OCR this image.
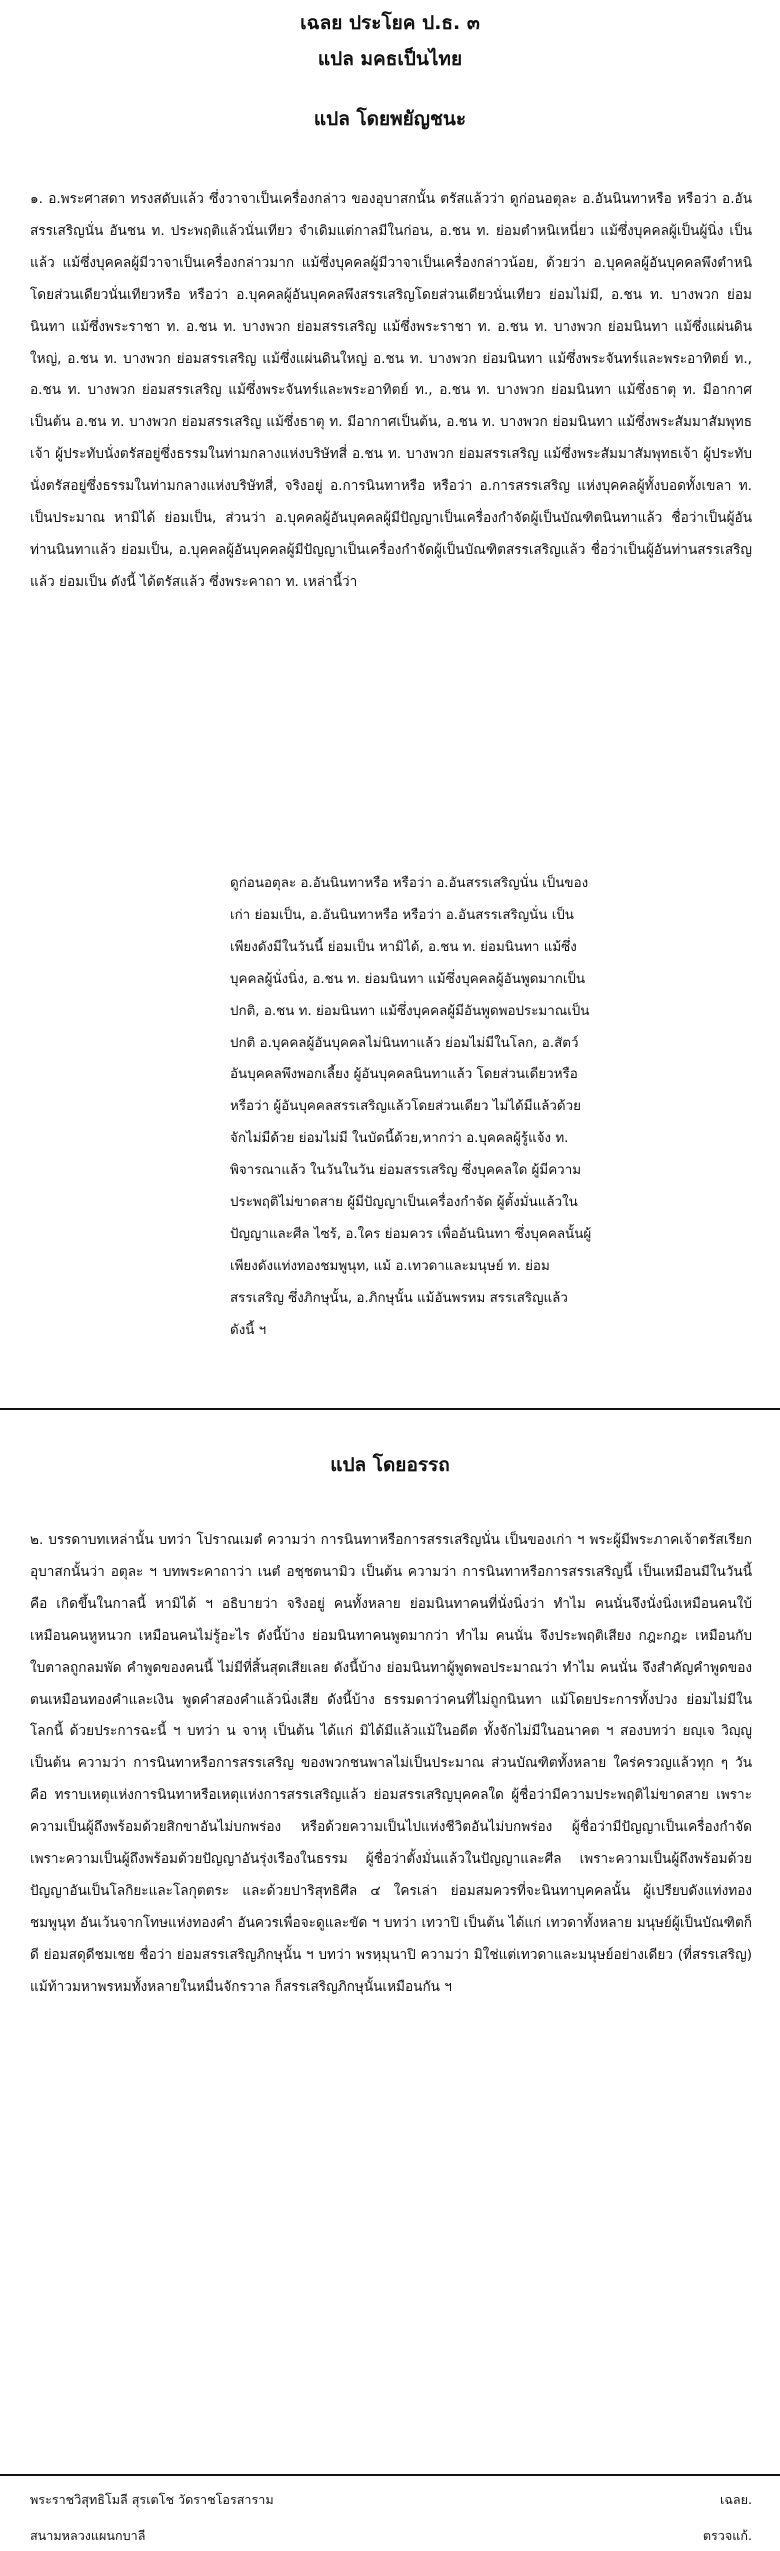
เฉลย ประโยค ป.ธ. ๓
แปล มคธเป็นไทย
แปล โดยพยัญชนะ

๑. อ.พระศาสดา ทรงสดับแล้ว ซึ่งวาจาเป็นเครื่องกล่าว ของอุบาสกนั้น ตรัสแล้วว่า ดูก่อนอตุละ อ.อันนินทาหรือ หรือว่า อ.อันสรรเสริญนั่น อันชน ท. ประพฤติแล้วนั่นเทียว จำเดิมแต่กาลมีในก่อน, อ.ชน ท. ย่อมตำหนิเหนี่ยว แม้ซึ่งบุคคลผู้เป็นผู้นิ่ง เป็นแล้ว แม้ซึ่งบุคคลผู้มีวาจาเป็นเครื่องกล่าวมาก แม้ซึ่งบุคคลผู้มีวาจาเป็นเครื่องกล่าวน้อย, ด้วยว่า อ.บุคคลผู้อันบุคคลพึงตำหนิโดยส่วนเดียวนั่นเทียวหรือ หรือว่า อ.บุคคลผู้อันบุคคลพึงสรรเสริญโดยส่วนเดียวนั่นเทียว ย่อมไม่มี, อ.ชน ท. บางพวก ย่อมนินทา แม้ซึ่งพระราชา ท. อ.ชน ท. บางพวก ย่อมสรรเสริญ แม้ซึ่งพระราชา ท. อ.ชน ท. บางพวก ย่อมนินทา แม้ซึ่งแผ่นดินใหญ่, อ.ชน ท. บางพวก ย่อมสรรเสริญ แม้ซึ่งแผ่นดินใหญ่ อ.ชน ท. บางพวก ย่อมนินทา แม้ซึ่งพระจันทร์และพระอาทิตย์ ท., อ.ชน ท. บางพวก ย่อมสรรเสริญ แม้ซึ่งพระจันทร์และพระอาทิตย์ ท., อ.ชน ท. บางพวก ย่อมนินทา แม้ซึ่งธาตุ ท. มีอากาศเป็นต้น อ.ชน ท. บางพวก ย่อมสรรเสริญ แม้ซึ่งธาตุ ท. มีอากาศเป็นต้น, อ.ชน ท. บางพวก ย่อมนินทา แม้ซึ่งพระสัมมาสัมพุทธเจ้า ผู้ประทับนั่งตรัสอยู่ซึ่งธรรมในท่ามกลางแห่งบริษัทสี่ อ.ชน ท. บางพวก ย่อมสรรเสริญ แม้ซึ่งพระสัมมาสัมพุทธเจ้า ผู้ประทับนั่งตรัสอยู่ซึ่งธรรมในท่ามกลางแห่งบริษัทสี่, จริงอยู่ อ.การนินทาหรือ หรือว่า อ.การสรรเสริญ แห่งบุคคลผู้ทั้งบอดทั้งเขลา ท. เป็นประมาณ หามิได้ ย่อมเป็น, ส่วนว่า อ.บุคคลผู้อันบุคคลผู้มีปัญญาเป็นเครื่องกำจัดผู้เป็นบัณฑิตนินทาแล้ว ชื่อว่าเป็นผู้อันท่านนินทาแล้ว ย่อมเป็น, อ.บุคคลผู้อันบุคคลผู้มีปัญญาเป็นเครื่องกำจัดผู้เป็นบัณฑิตสรรเสริญแล้ว ชื่อว่าเป็นผู้อันท่านสรรเสริญแล้ว ย่อมเป็น ดังนี้ ได้ตรัสแล้ว ซึ่งพระคาถา ท. เหล่านี้ว่า

ดูก่อนอตุละ อ.อันนินทาหรือ หรือว่า อ.อันสรรเสริญนั่น เป็นของเก่า ย่อมเป็น, อ.อันนินทาหรือ หรือว่า อ.อันสรรเสริญนั่น เป็นเพียงดังมีในวันนี้ ย่อมเป็น หามิได้, อ.ชน ท. ย่อมนินทา แม้ซึ่งบุคคลผู้นั่งนิ่ง, อ.ชน ท. ย่อมนินทา แม้ซึ่งบุคคลผู้อันพูดมากเป็นปกติ, อ.ชน ท. ย่อมนินทา แม้ซึ่งบุคคลผู้มีอันพูดพอประมาณเป็นปกติ อ.บุคคลผู้อันบุคคลไม่นินทาแล้ว ย่อมไม่มีในโลก, อ.สัตว์อันบุคคลพึงพอกเลี้ยง ผู้อันบุคคลนินทาแล้ว โดยส่วนเดียวหรือ หรือว่า ผู้อันบุคคลสรรเสริญแล้วโดยส่วนเดียว ไม่ได้มีแล้วด้วย จักไม่มีด้วย ย่อมไม่มี ในบัดนี้ด้วย,หากว่า อ.บุคคลผู้รู้แจ้ง ท. พิจารณาแล้ว ในวันในวัน ย่อมสรรเสริญ ซึ่งบุคคลใด ผู้มีความประพฤติไม่ขาดสาย ผู้มีปัญญาเป็นเครื่องกำจัด ผู้ตั้งมั่นแล้วในปัญญาและศีล ไซร้, อ.ใคร ย่อมควร เพื่ออันนินทา ซึ่งบุคคลนั้นผู้เพียงดังแท่งทองชมพูนุท, แม้ อ.เทวดาและมนุษย์ ท. ย่อมสรรเสริญ ซึ่งภิกษุนั้น, อ.ภิกษุนั้น แม้อันพรหม สรรเสริญแล้ว ดังนี้ ฯ

แปล โดยอรรถ

๒. บรรดาบทเหล่านั้น บทว่า โปราณเมตํ ความว่า การนินทาหรือการสรรเสริญนั่น เป็นของเก่า ฯ พระผู้มีพระภาคเจ้าตรัสเรียกอุบาสกนั้นว่า อตุละ ฯ บทพระคาถาว่า เนตํ อชฺชตนามิว เป็นต้น ความว่า การนินทาหรือการสรรเสริญนี้ เป็นเหมือนมีในวันนี้ คือ เกิดขึ้นในกาลนี้ หามิได้ ฯ อธิบายว่า จริงอยู่ คนทั้งหลาย ย่อมนินทาคนที่นั่งนิ่งว่า ทำไม คนนั่นจึงนั่งนิ่งเหมือนคนใบ้ เหมือนคนหูหนวก เหมือนคนไม่รู้อะไร ดังนี้บ้าง ย่อมนินทาคนพูดมากว่า ทำไม คนนั่น จึงประพฤติเสียง กฎะกฎะ เหมือนกับใบตาลถูกลมพัด คำพูดของคนนี้ ไม่มีที่สิ้นสุดเสียเลย ดังนี้บ้าง ย่อมนินทาผู้พูดพอประมาณว่า ทำไม คนนั่น จึงสำคัญคำพูดของตนเหมือนทองคำและเงิน พูดคำสองคำแล้วนิ่งเสีย ดังนี้บ้าง ธรรมดาว่าคนที่ไม่ถูกนินทา แม้โดยประการทั้งปวง ย่อมไม่มีในโลกนี้ ด้วยประการฉะนี้ ฯ บทว่า น จาหุ เป็นต้น ได้แก่ มิได้มีแล้วแม้ในอดีต ทั้งจักไม่มีในอนาคต ฯ สองบทว่า ยญฺเจ วิญฺญู เป็นต้น ความว่า การนินทาหรือการสรรเสริญ ของพวกชนพาลไม่เป็นประมาณ ส่วนบัณฑิตทั้งหลาย ใคร่ครวญแล้วทุก ๆ วัน คือ ทราบเหตุแห่งการนินทาหรือเหตุแห่งการสรรเสริญแล้ว ย่อมสรรเสริญบุคคลใด ผู้ชื่อว่ามีความประพฤติไม่ขาดสาย เพราะความเป็นผู้ถึงพร้อมด้วยสิกขาอันไม่บกพร่อง หรือด้วยความเป็นไปแห่งชีวิตอันไม่บกพร่อง ผู้ชื่อว่ามีปัญญาเป็นเครื่องกำจัด เพราะความเป็นผู้ถึงพร้อมด้วยปัญญาอันรุ่งเรืองในธรรม ผู้ชื่อว่าตั้งมั่นแล้วในปัญญาและศีล เพราะความเป็นผู้ถึงพร้อมด้วยปัญญาอันเป็นโลกิยะและโลกุตตระ และด้วยปาริสุทธิศีล ๔ ใครเล่า ย่อมสมควรที่จะนินทาบุคคลนั้น ผู้เปรียบดังแท่งทองชมพูนุท อันเว้นจากโทษแห่งทองคำ อันควรเพื่อจะดูและขัด ฯ บทว่า เทวาปิ เป็นต้น ได้แก่ เทวดาทั้งหลาย มนุษย์ผู้เป็นบัณฑิตก็ดี ย่อมสดุดีชมเชย ชื่อว่า ย่อมสรรเสริญภิกษุนั้น ฯ บทว่า พรหฺมุนาปิ ความว่า มิใช่แต่เทวดาและมนุษย์อย่างเดียว (ที่สรรเสริญ) แม้ท้าวมหาพรหมทั้งหลายในหมื่นจักรวาล ก็สรรเสริญภิกษุนั้นเหมือนกัน ฯ

พระราชวิสุทธิโมลี สุรเตโช วัดราชโอรสาราม
สนามหลวงแผนกบาลี
เฉลย.
ตรวจแก้.
